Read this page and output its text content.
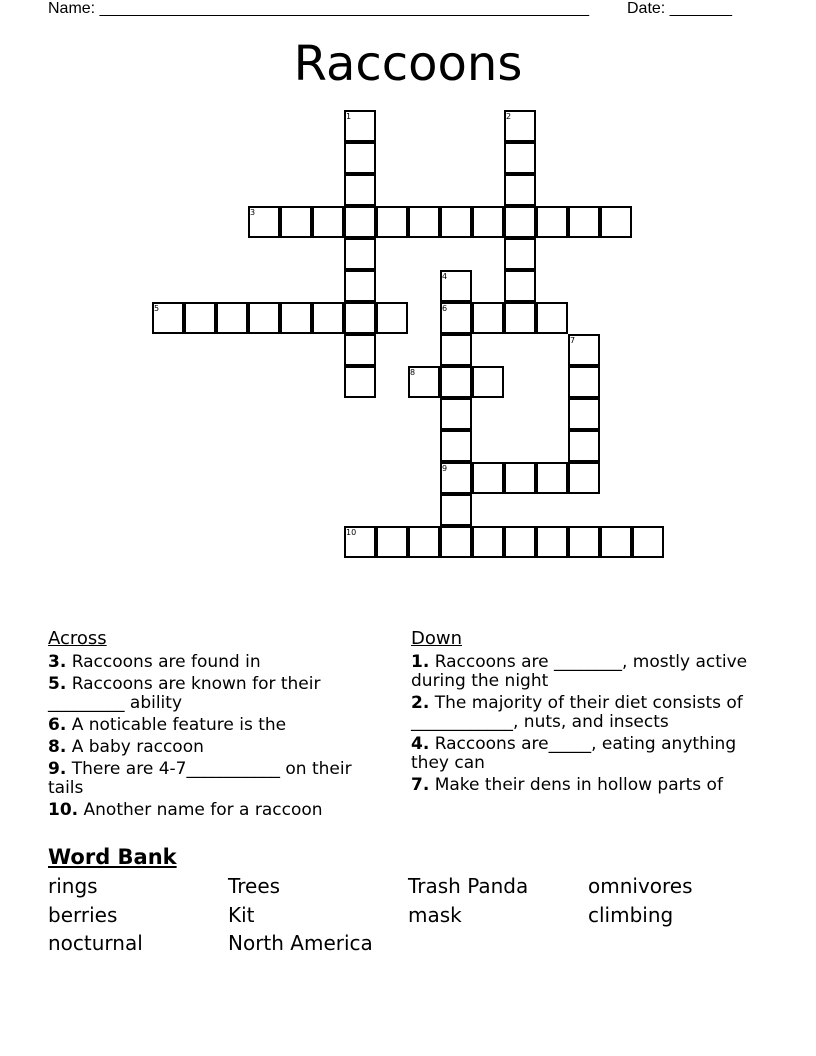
Name: _______________________________________________________ Date: _______
Raccoons
1	2
3
4
5	6
7
8
9
10
Across
3. Raccoons are found in
5. Raccoons are known for their _________ ability
6. A noticable feature is the
8. A baby raccoon
9. There are 4-7___________ on their tails
10. Another name for a raccoon
Down
1. Raccoons are ________, mostly active during the night
2. The majority of their diet consists of ____________, nuts, and insects
4. Raccoons are_____, eating anything they can
7. Make their dens in hollow parts of
Word Bank
rings	Trees	Trash Panda	omnivores
berries	Kit	mask	climbing
nocturnal	North America
